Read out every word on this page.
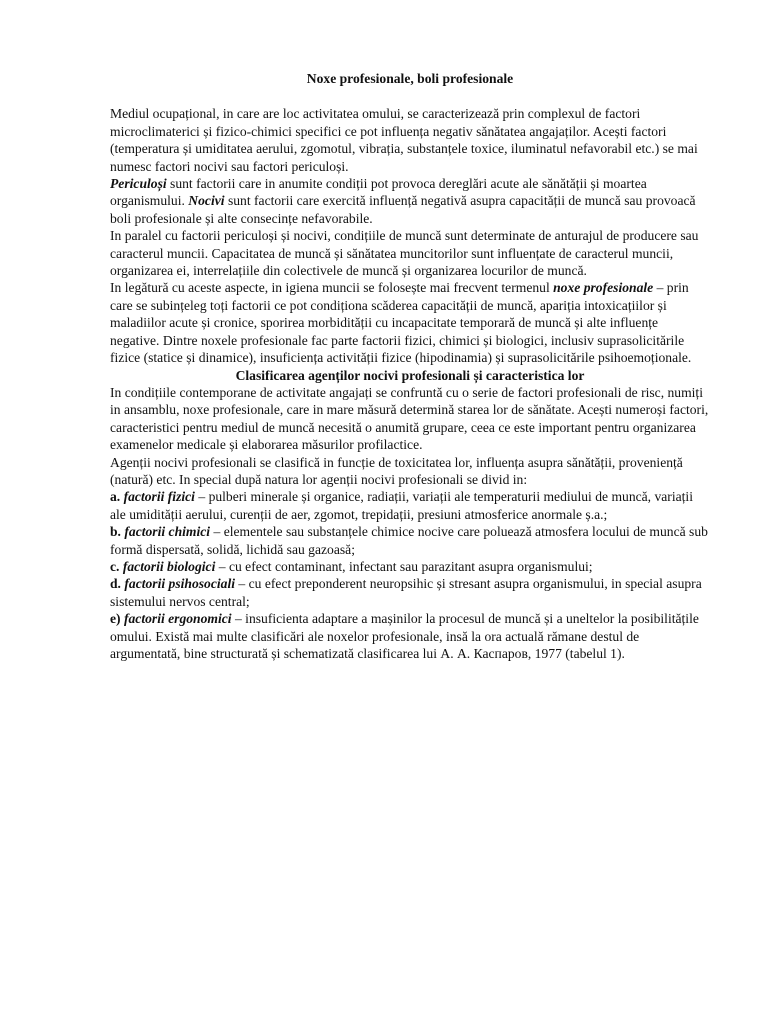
Noxe profesionale, boli profesionale

Mediul ocupațional, in care are loc activitatea omului, se caracterizează prin complexul de factori microclimaterici și fizico-chimici specifici ce pot influența negativ sănătatea angajaților. Acești factori (temperatura și umiditatea aerului, zgomotul, vibrația, substanțele toxice, iluminatul nefavorabil etc.) se mai numesc factori nocivi sau factori periculoși.

Periculoși sunt factorii care in anumite condiții pot provoca dereglări acute ale sănătății și moartea organismului. Nocivi sunt factorii care exercită influență negativă asupra capacității de muncă sau provoacă boli profesionale și alte consecințe nefavorabile.

In paralel cu factorii periculoși și nocivi, condițiile de muncă sunt determinate de anturajul de producere sau caracterul muncii. Capacitatea de muncă și sănătatea muncitorilor sunt influențate de caracterul muncii, organizarea ei, interrelațiile din colectivele de muncă și organizarea locurilor de muncă.

In legătură cu aceste aspecte, in igiena muncii se folosește mai frecvent termenul noxe profesionale – prin care se subințeleg toți factorii ce pot condiționa scăderea capacității de muncă, apariția intoxicațiilor și maladiilor acute și cronice, sporirea morbidității cu incapacitate temporară de muncă și alte influențe negative. Dintre noxele profesionale fac parte factorii fizici, chimici și biologici, inclusiv suprasolicitările fizice (statice și dinamice), insuficiența activității fizice (hipodinamia) și suprasolicitările psihoemoționale.

Clasificarea agenților nocivi profesionali și caracteristica lor

In condițiile contemporane de activitate angajați se confruntă cu o serie de factori profesionali de risc, numiți in ansamblu, noxe profesionale, care in mare măsură determină starea lor de sănătate. Acești numeroși factori, caracteristici pentru mediul de muncă necesită o anumită grupare, ceea ce este important pentru organizarea examenelor medicale și elaborarea măsurilor profilactice.

Agenții nocivi profesionali se clasifică in funcție de toxicitatea lor, influența asupra sănătății, proveniență (natură) etc. In special după natura lor agenții nocivi profesionali se divid in:

a. factorii fizici – pulberi minerale și organice, radiații, variații ale temperaturii mediului de muncă, variații ale umidității aerului, curenții de aer, zgomot, trepidații, presiuni atmosferice anormale ș.a.;

b. factorii chimici – elementele sau substanțele chimice nocive care poluează atmosfera locului de muncă sub formă dispersată, solidă, lichidă sau gazoasă;

c. factorii biologici – cu efect contaminant, infectant sau parazitant asupra organismului;

d. factorii psihosociali – cu efect preponderent neuropsihic și stresant asupra organismului, in special asupra sistemului nervos central;

e) factorii ergonomici – insuficienta adaptare a mașinilor la procesul de muncă și a uneltelor la posibilitățile omului. Există mai multe clasificări ale noxelor profesionale, insă la ora actuală rămane destul de argumentată, bine structurată și schematizată clasificarea lui А. А. Каспаров, 1977 (tabelul 1).
